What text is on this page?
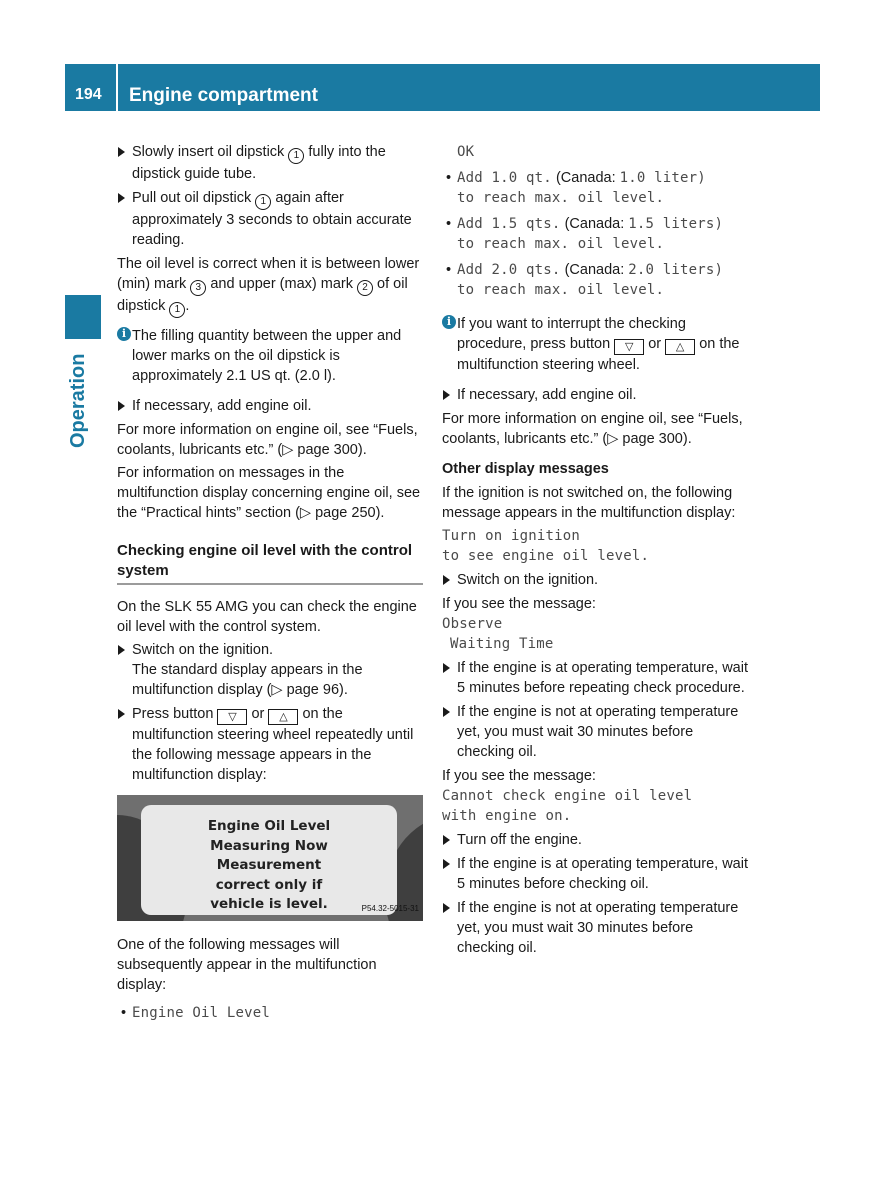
194 Engine compartment
Operation
Slowly insert oil dipstick 1 fully into the dipstick guide tube.
Pull out oil dipstick 1 again after approximately 3 seconds to obtain accurate reading.

The oil level is correct when it is between lower (min) mark 3 and upper (max) mark 2 of oil dipstick 1 .

i The filling quantity between the upper and lower marks on the oil dipstick is approximately 2.1 US qt. (2.0 l).
If necessary, add engine oil.

For more information on engine oil, see “Fuels, coolants, lubricants etc.” (▷ page 300).

For information on messages in the multifunction display concerning engine oil, see the “Practical hints” section (▷ page 250).

Checking engine oil level with the control system

On the SLK 55 AMG you can check the engine oil level with the control system.

Switch on the ignition.
The standard display appears in the multifunction display (▷ page 96).
Press button ▽ or △ on the multifunction steering wheel repeatedly until the following message appears in the multifunction display:
Engine Oil Level
Measuring Now
Measurement
correct only if
vehicle is level.	P54.32-5015-31

One of the following messages will subsequently appear in the multifunction display:

• Engine Oil Level
OK
• Add 1.0 qt. (Canada: 1.0 liter)
to reach max. oil level.
• Add 1.5 qts. (Canada: 1.5 liters)
to reach max. oil level.
• Add 2.0 qts. (Canada: 2.0 liters)
to reach max. oil level.
i If you want to interrupt the checking procedure, press button ▽ or △ on the multifunction steering wheel.
If necessary, add engine oil.

For more information on engine oil, see “Fuels, coolants, lubricants etc.” (▷ page 300).

Other display messages

If the ignition is not switched on, the following message appears in the multifunction display:

Turn on ignition
to see engine oil level.
Switch on the ignition.

If you see the message:

Observe
Waiting Time
If the engine is at operating temperature, wait 5 minutes before repeating check procedure.
If the engine is not at operating temperature yet, you must wait 30 minutes before checking oil.

If you see the message:

Cannot check engine oil level
with engine on.
Turn off the engine.
If the engine is at operating temperature, wait 5 minutes before checking oil.
If the engine is not at operating temperature yet, you must wait 30 minutes before checking oil.
